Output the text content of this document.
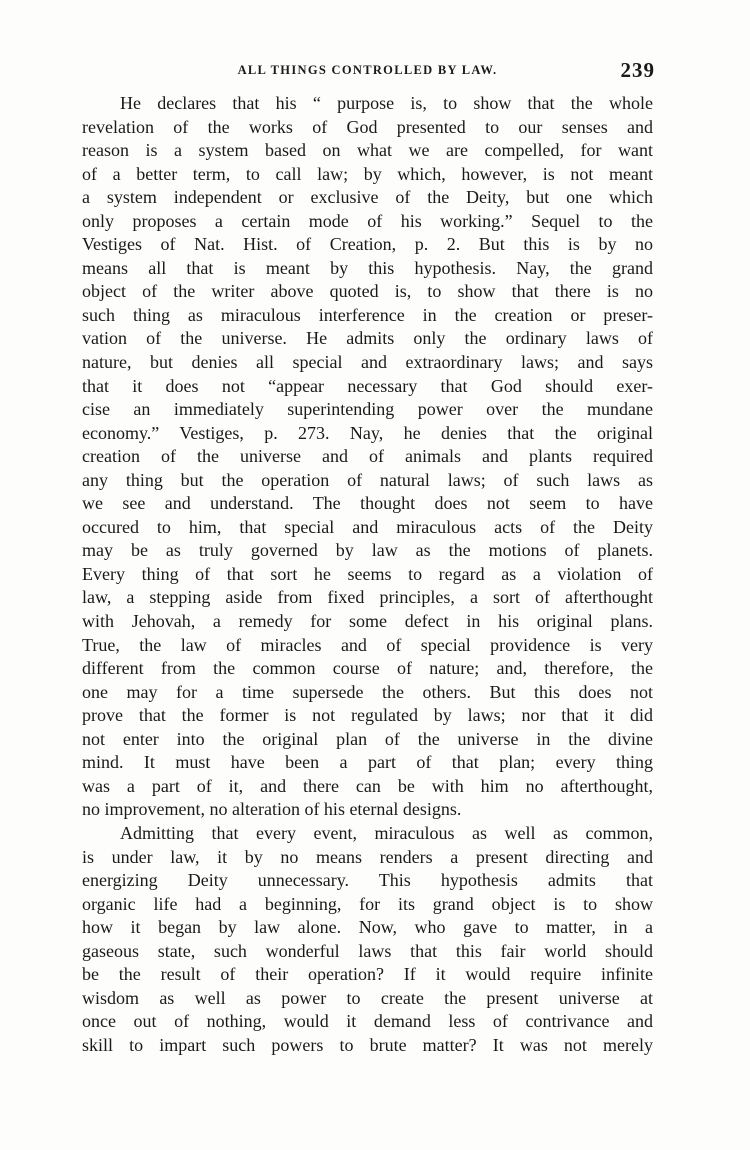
ALL THINGS CONTROLLED BY LAW.	239
He declares that his “ purpose is, to show that the whole
revelation of the works of God presented to our senses and
reason is a system based on what we are compelled, for want
of a better term, to call law; by which, however, is not meant
a system independent or exclusive of the Deity, but one which
only proposes a certain mode of his working.” Sequel to the
Vestiges of Nat. Hist. of Creation, p. 2. But this is by no
means all that is meant by this hypothesis. Nay, the grand
object of the writer above quoted is, to show that there is no
such thing as miraculous interference in the creation or preser-
vation of the universe. He admits only the ordinary laws of
nature, but denies all special and extraordinary laws; and says
that it does not “appear necessary that God should exer-
cise an immediately superintending power over the mundane
economy.” Vestiges, p. 273. Nay, he denies that the original
creation of the universe and of animals and plants required
any thing but the operation of natural laws; of such laws as
we see and understand. The thought does not seem to have
occured to him, that special and miraculous acts of the Deity
may be as truly governed by law as the motions of planets.
Every thing of that sort he seems to regard as a violation of
law, a stepping aside from fixed principles, a sort of afterthought
with Jehovah, a remedy for some defect in his original plans.
True, the law of miracles and of special providence is very
different from the common course of nature; and, therefore, the
one may for a time supersede the others. But this does not
prove that the former is not regulated by laws; nor that it did
not enter into the original plan of the universe in the divine
mind. It must have been a part of that plan; every thing
was a part of it, and there can be with him no afterthought,
no improvement, no alteration of his eternal designs.
Admitting that every event, miraculous as well as common,
is under law, it by no means renders a present directing and
energizing Deity unnecessary. This hypothesis admits that
organic life had a beginning, for its grand object is to show
how it began by law alone. Now, who gave to matter, in a
gaseous state, such wonderful laws that this fair world should
be the result of their operation? If it would require infinite
wisdom as well as power to create the present universe at
once out of nothing, would it demand less of contrivance and
skill to impart such powers to brute matter? It was not merely
